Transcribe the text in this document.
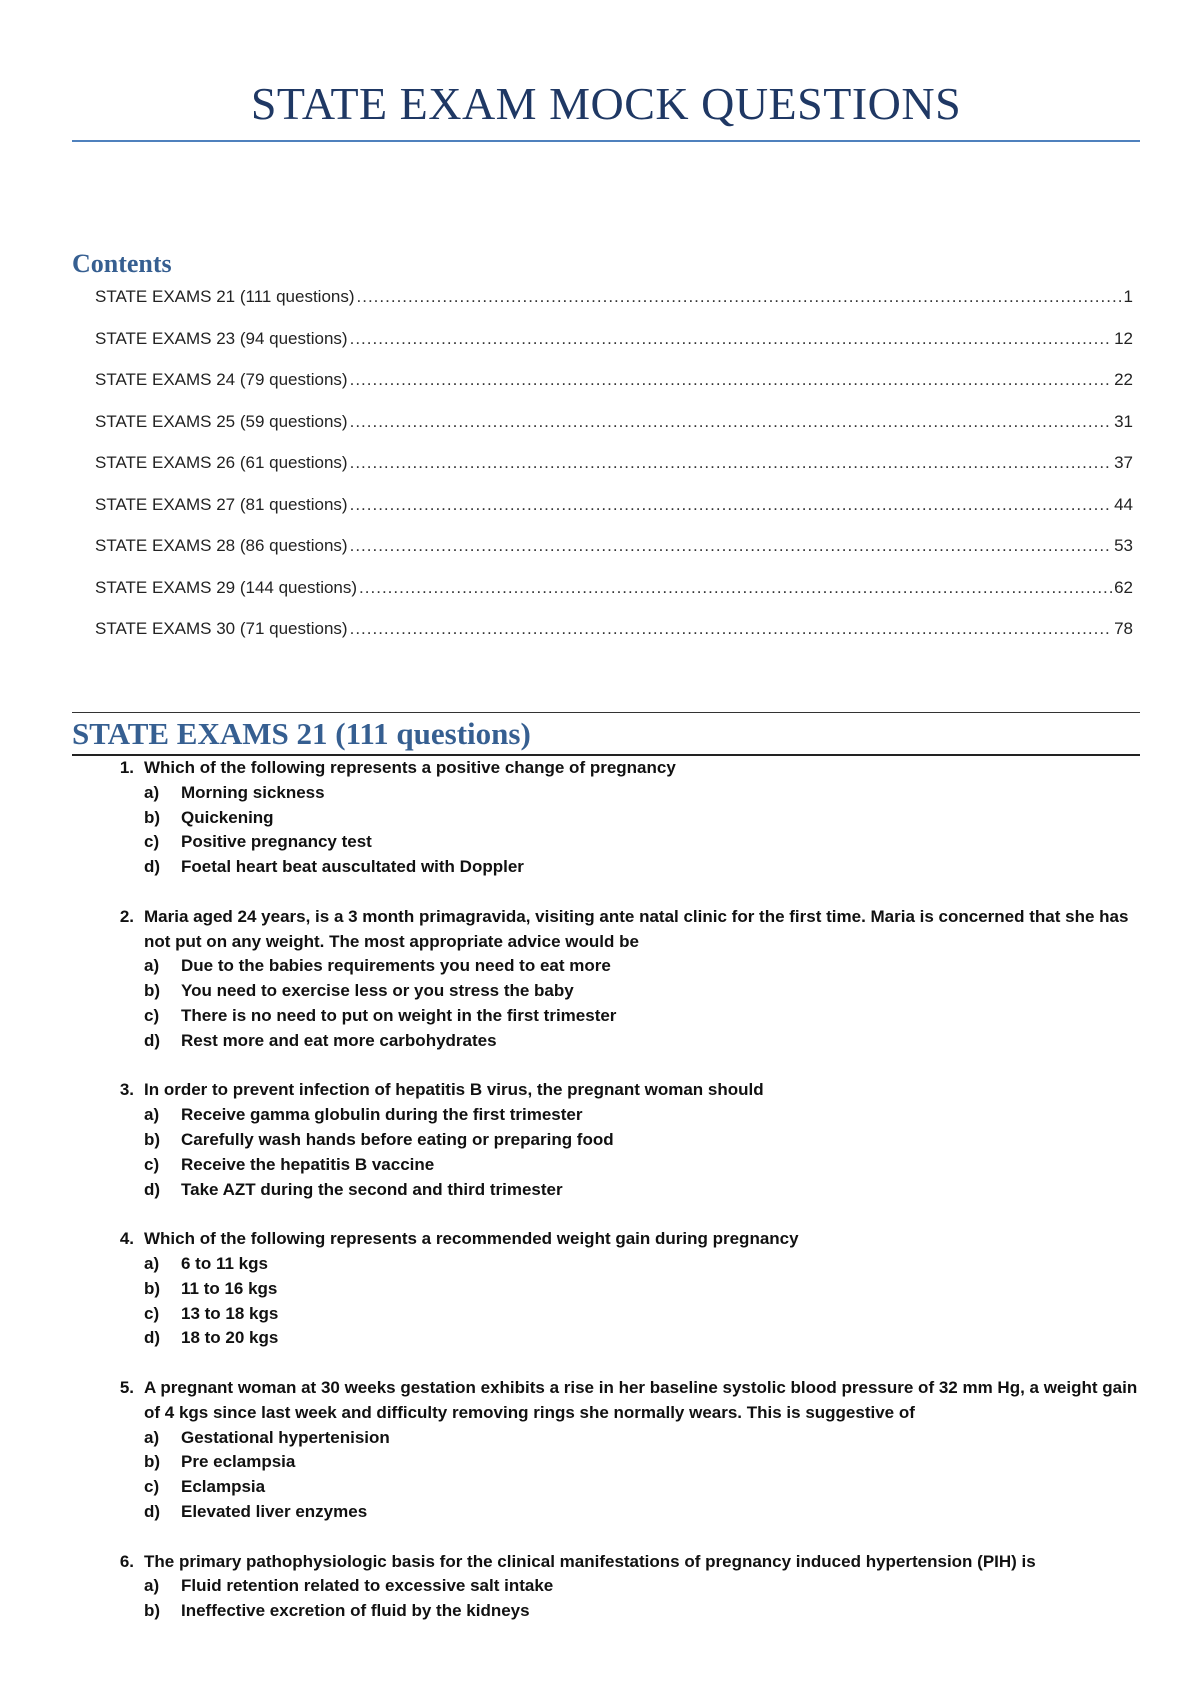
STATE EXAM MOCK QUESTIONS
Contents
STATE EXAMS 21 (111 questions) .....	1
STATE EXAMS 23 (94 questions) .....	12
STATE EXAMS 24 (79 questions) .....	22
STATE EXAMS 25 (59 questions) .....	31
STATE EXAMS 26 (61 questions) .....	37
STATE EXAMS 27 (81 questions) .....	44
STATE EXAMS 28 (86 questions) .....	53
STATE EXAMS 29 (144 questions) .....	62
STATE EXAMS 30 (71 questions) .....	78
STATE EXAMS 21 (111 questions)
1. Which of the following represents a positive change of pregnancy
a)	Morning sickness
b)	Quickening
c)	Positive pregnancy test
d)	Foetal heart beat auscultated with Doppler
2. Maria aged 24 years, is a 3 month primagravida, visiting ante natal clinic for the first time. Maria is concerned that she has not put on any weight. The most appropriate advice would be
a)	Due to the babies requirements you need to eat more
b)	You need to exercise less or you stress the baby
c)	There is no need to put on weight in the first trimester
d)	Rest more and eat more carbohydrates
3. In order to prevent infection of hepatitis B virus, the pregnant woman should
a)	Receive gamma globulin during the first trimester
b)	Carefully wash hands before eating or preparing food
c)	Receive the hepatitis B vaccine
d)	Take AZT during the second and third trimester
4. Which of the following represents a recommended weight gain during pregnancy
a)	6 to 11 kgs
b)	11 to 16 kgs
c)	13 to 18 kgs
d)	18 to 20 kgs
5. A pregnant woman at 30 weeks gestation exhibits a rise in her baseline systolic blood pressure of 32 mm Hg, a weight gain of 4 kgs since last week and difficulty removing rings she normally wears. This is suggestive of
a)	Gestational hypertenision
b)	Pre eclampsia
c)	Eclampsia
d)	Elevated liver enzymes
6. The primary pathophysiologic basis for the clinical manifestations of pregnancy induced hypertension (PIH) is
a)	Fluid retention related to excessive salt intake
b)	Ineffective excretion of fluid by the kidneys
